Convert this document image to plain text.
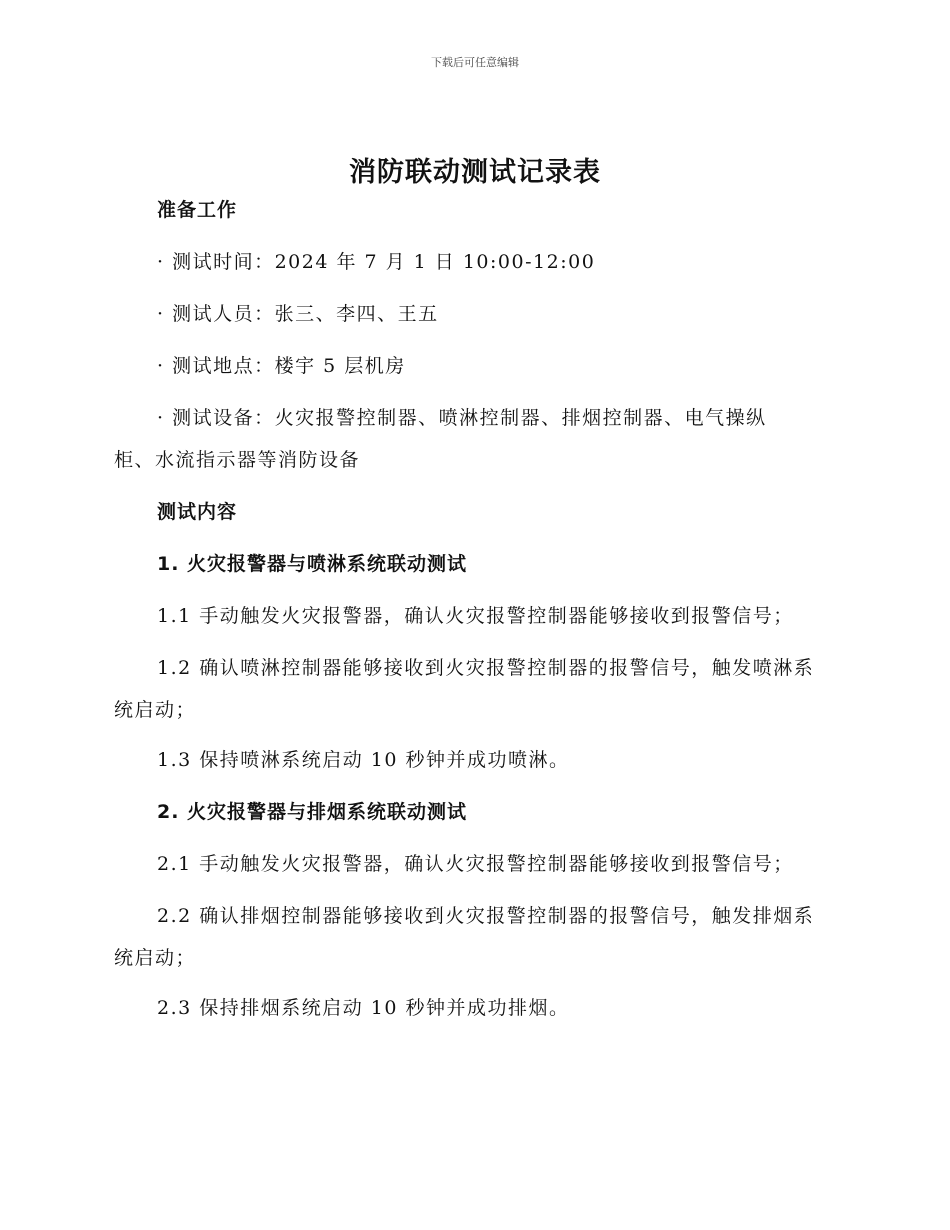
下载后可任意编辑
消防联动测试记录表
准备工作
· 测试时间：2024 年 7 月 1 日 10:00-12:00
· 测试人员：张三、李四、王五
· 测试地点：楼宇 5 层机房
· 测试设备：火灾报警控制器、喷淋控制器、排烟控制器、电气操纵
柜、水流指示器等消防设备
测试内容
1. 火灾报警器与喷淋系统联动测试
1.1 手动触发火灾报警器，确认火灾报警控制器能够接收到报警信号；
1.2 确认喷淋控制器能够接收到火灾报警控制器的报警信号，触发喷淋系
统启动；
1.3 保持喷淋系统启动 10 秒钟并成功喷淋。
2. 火灾报警器与排烟系统联动测试
2.1 手动触发火灾报警器，确认火灾报警控制器能够接收到报警信号；
2.2 确认排烟控制器能够接收到火灾报警控制器的报警信号，触发排烟系
统启动；
2.3 保持排烟系统启动 10 秒钟并成功排烟。
